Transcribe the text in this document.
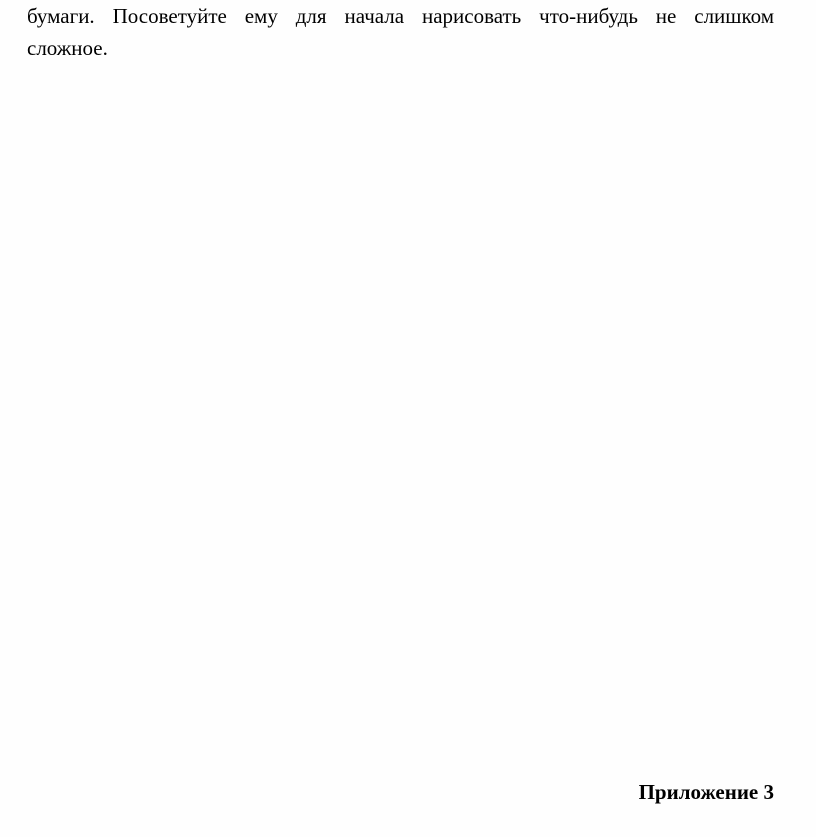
бумаги. Посоветуйте ему для начала нарисовать что-нибудь не слишком
сложное.
Приложение 3
